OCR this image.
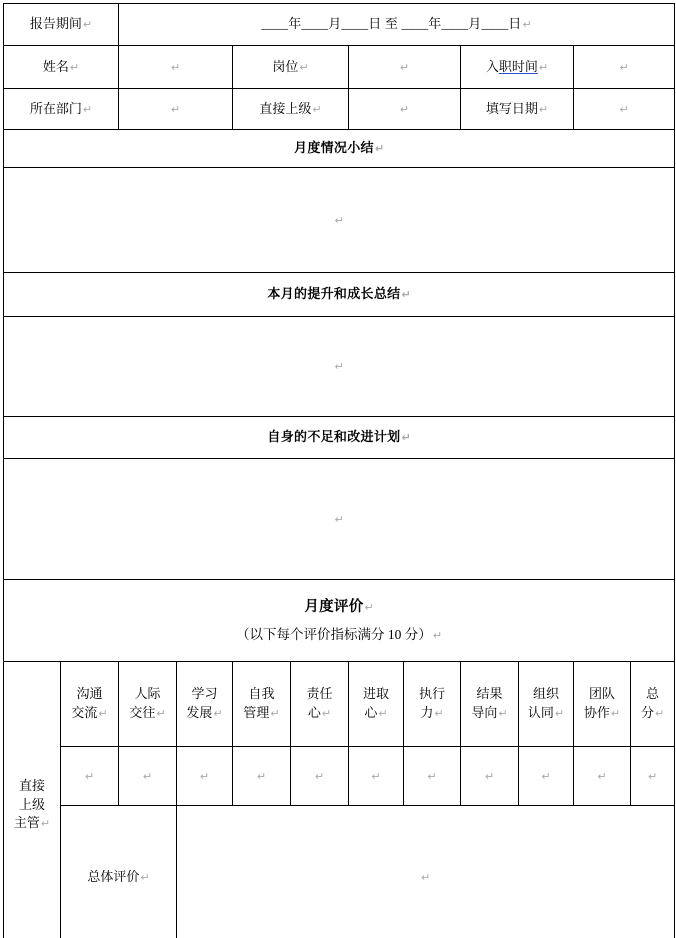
报告期间↵		____年____月____日 至 ____年____月____日↵									
姓名↵		↵		岗位↵		↵		入职时间↵		↵	
所在部门↵		↵		直接上级↵		↵		填写日期↵		↵	
月度情况小结↵											
↵											
本月的提升和成长总结↵											
↵											
自身的不足和改进计划↵											
↵											
月度评价↵
（以下每个评价指标满分 10 分）↵											

直接
上级
主管↵	沟通
交流↵	人际
交往↵	学习
发展↵	自我
管理↵	责任
心↵	进取
心↵	执行
力↵	结果
导向↵	组织
认同↵	团队
协作↵	总
分↵

	↵	↵	↵	↵	↵	↵	↵	↵	↵	↵	↵
	总体评价↵		↵								
